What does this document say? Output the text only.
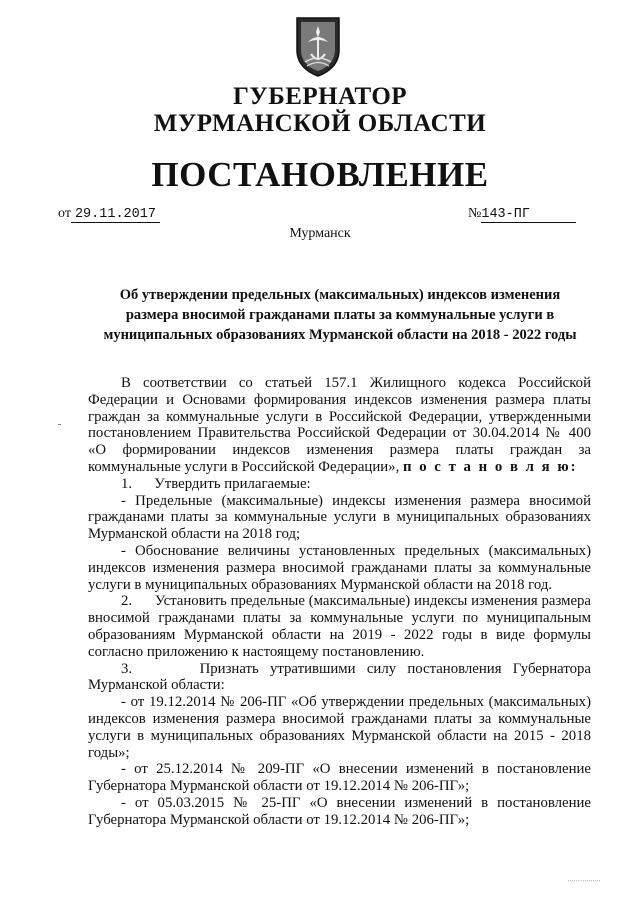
ГУБЕРНАТОР
МУРМАНСКОЙ ОБЛАСТИ
ПОСТАНОВЛЕНИЕ
от 29.11.2017	№143-ПГ
Мурманск
Об утверждении предельных (максимальных) индексов изменения
размера вносимой гражданами платы за коммунальные услуги в
муниципальных образованиях Мурманской области на 2018 - 2022 годы

В соответствии со статьей 157.1 Жилищного кодекса Российской Федерации и Основами формирования индексов изменения размера платы граждан за коммунальные услуги в Российской Федерации, утвержденными постановлением Правительства Российской Федерации от 30.04.2014 № 400 «О формировании индексов изменения размера платы граждан за коммунальные услуги в Российской Федерации», п о с т а н о в л я ю:

1.      Утвердить прилагаемые:

- Предельные (максимальные) индексы изменения размера вносимой гражданами платы за коммунальные услуги в муниципальных образованиях Мурманской области на 2018 год;

- Обоснование величины установленных предельных (максимальных) индексов изменения размера вносимой гражданами платы за коммунальные услуги в муниципальных образованиях Мурманской области на 2018 год.

2.      Установить предельные (максимальные) индексы изменения размера вносимой гражданами платы за коммунальные услуги по муниципальным образованиям Мурманской области на 2019 - 2022 годы в виде формулы согласно приложению к настоящему постановлению.

3.      Признать утратившими силу постановления Губернатора Мурманской области:

- от 19.12.2014 № 206-ПГ «Об утверждении предельных (максимальных) индексов изменения размера вносимой гражданами платы за коммунальные услуги в муниципальных образованиях Мурманской области на 2015 - 2018 годы»;

- от 25.12.2014 № 209-ПГ «О внесении изменений в постановление Губернатора Мурманской области от 19.12.2014 № 206-ПГ»;

- от 05.03.2015 № 25-ПГ «О внесении изменений в постановление Губернатора Мурманской области от 19.12.2014 № 206-ПГ»;

''''''''''''''''
